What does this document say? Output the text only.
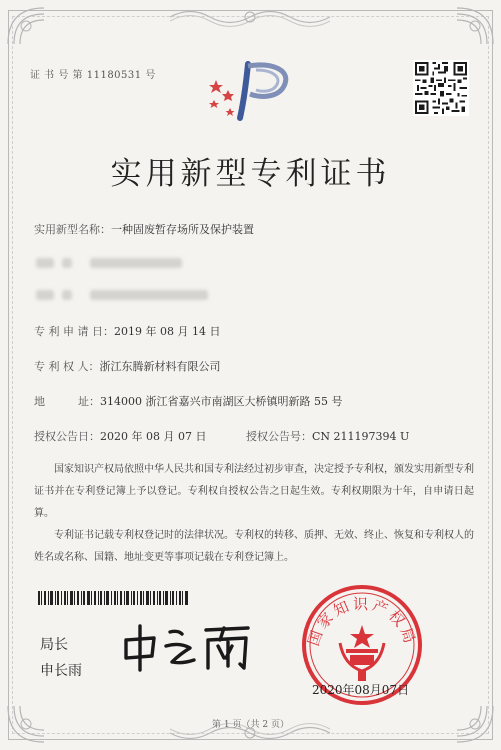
证 书 号 第 11180531 号
实用新型专利证书
实用新型名称：一种固废暂存场所及保护装置
专 利 申 请 日：2019 年 08 月 14 日
专 利 权 人：浙江东腾新材料有限公司
地　　　址：314000 浙江省嘉兴市南湖区大桥镇明新路 55 号
授权公告日：2020 年 08 月 07 日	授权公告号：CN 211197394 U
国家知识产权局依照中华人民共和国专利法经过初步审查，决定授予专利权，颁发实用新型专利证书并在专利登记簿上予以登记。专利权自授权公告之日起生效。专利权期限为十年，自申请日起算。
专利证书记载专利权登记时的法律状况。专利权的转移、质押、无效、终止、恢复和专利权人的姓名或名称、国籍、地址变更等事项记载在专利登记簿上。
局长
申长雨
国家知识产权局
2020年08月07日
第 1 页（共 2 页）
